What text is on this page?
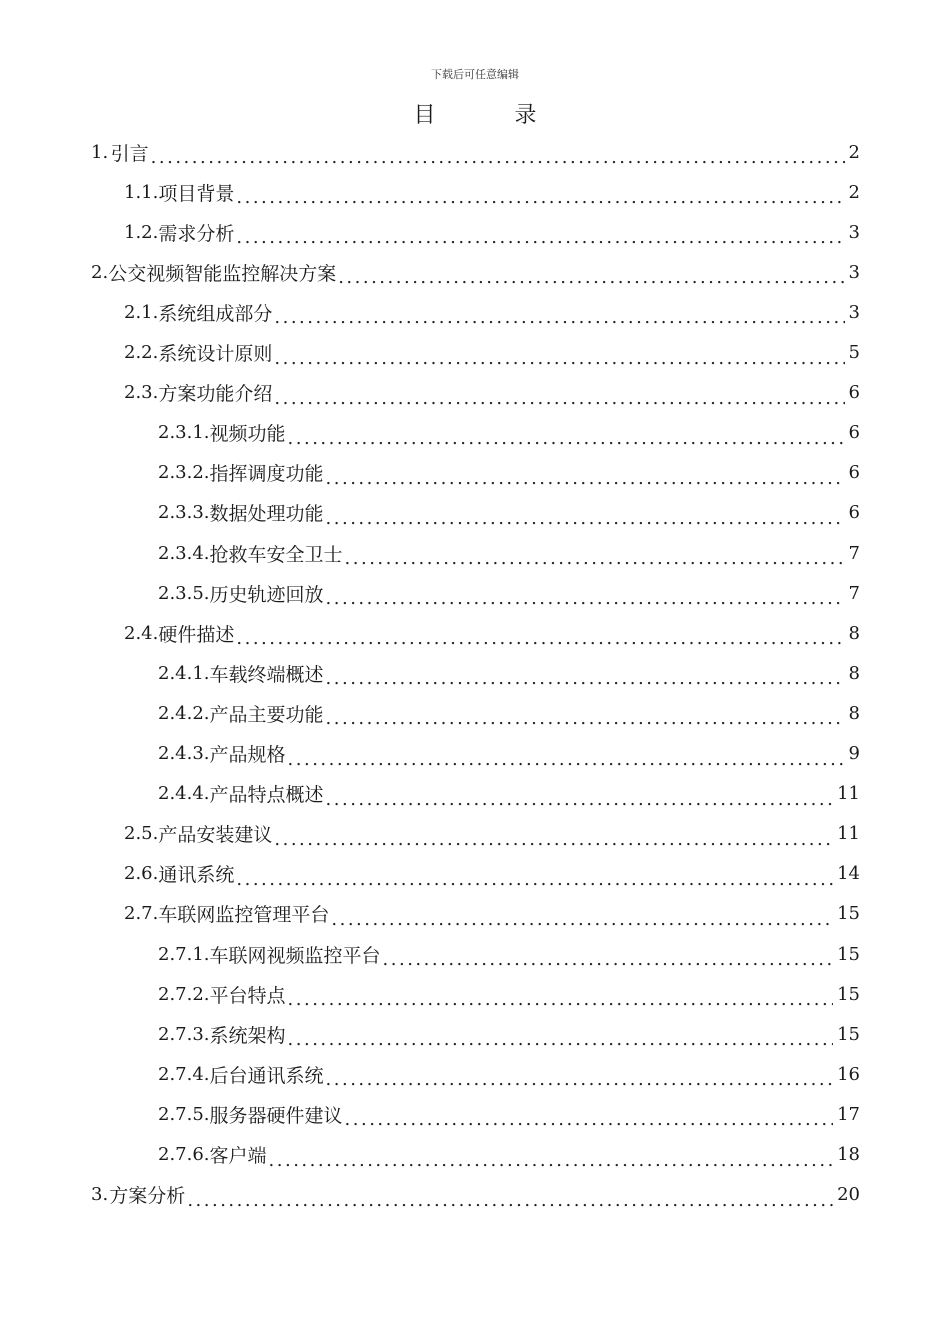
下载后可任意编辑
目 录
1. 引言 .....	2
1.1. 项目背景 .....	2
1.2. 需求分析 .....	3
2. 公交视频智能监控解决方案 .....	3
2.1. 系统组成部分 .....	3
2.2. 系统设计原则 .....	5
2.3. 方案功能介绍 .....	6
2.3.1. 视频功能 .....	6
2.3.2. 指挥调度功能 .....	6
2.3.3. 数据处理功能 .....	6
2.3.4. 抢救车安全卫士 .....	7
2.3.5. 历史轨迹回放 .....	7
2.4. 硬件描述 .....	8
2.4.1. 车载终端概述 .....	8
2.4.2. 产品主要功能 .....	8
2.4.3. 产品规格 .....	9
2.4.4. 产品特点概述 .....	11
2.5. 产品安装建议 .....	11
2.6. 通讯系统 .....	14
2.7. 车联网监控管理平台 .....	15
2.7.1. 车联网视频监控平台 .....	15
2.7.2. 平台特点 .....	15
2.7.3. 系统架构 .....	15
2.7.4. 后台通讯系统 .....	16
2.7.5. 服务器硬件建议 .....	17
2.7.6. 客户端 .....	18
3. 方案分析 .....	20
